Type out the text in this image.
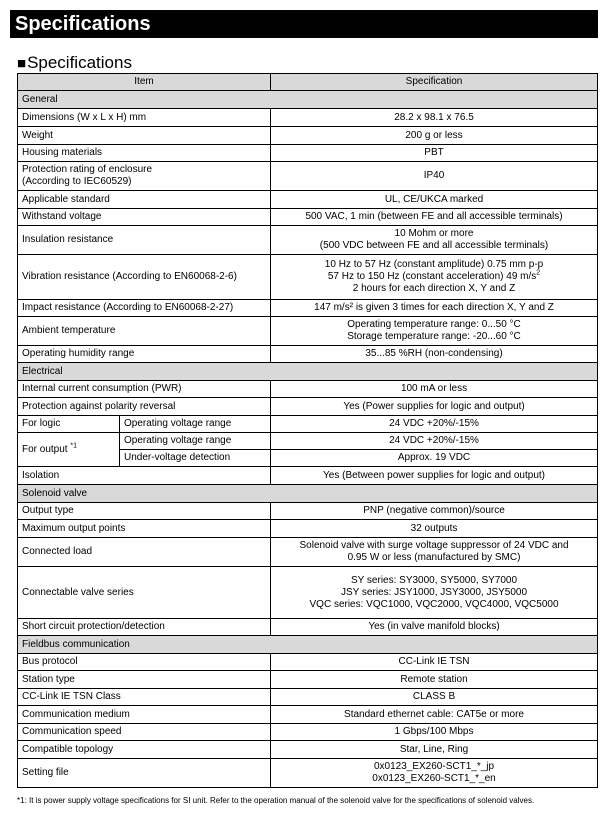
Specifications
■Specifications
Item		Specification
General		
Dimensions (W x L x H) mm		28.2 x 98.1 x 76.5
Weight		200 g or less
Housing materials		PBT
Protection rating of enclosure
(According to IEC60529)		IP40
Applicable standard		UL, CE/UKCA marked
Withstand voltage		500 VAC, 1 min (between FE and all accessible terminals)
Insulation resistance		10 Mohm or more
(500 VDC between FE and all accessible terminals)
Vibration resistance (According to EN60068-2-6)		10 Hz to 57 Hz (constant amplitude) 0.75 mm p-p
57 Hz to 150 Hz (constant acceleration) 49 $m/s^2$
2 hours for each direction X, Y and Z
Impact resistance (According to EN60068-2-27)		147 m/s² is given 3 times for each direction X, Y and Z
Ambient temperature		Operating temperature range: 0...50 °C
Storage temperature range: -20...60 °C
Operating humidity range		35...85 %RH (non-condensing)
Electrical		
Internal current consumption (PWR)		100 mA or less
Protection against polarity reversal		Yes (Power supplies for logic and output)
For logic	Operating voltage range	24 VDC +20%/-15%
For output $^{*1}$	Operating voltage range	24 VDC +20%/-15%
	Under-voltage detection	Approx. 19 VDC
Isolation		Yes (Between power supplies for logic and output)
Solenoid valve		
Output type		PNP (negative common)/source
Maximum output points		32 outputs
Connected load		Solenoid valve with surge voltage suppressor of 24 VDC and
0.95 W or less (manufactured by SMC)
Connectable valve series		SY series: SY3000, SY5000, SY7000
JSY series: JSY1000, JSY3000, JSY5000
VQC series: VQC1000, VQC2000, VQC4000, VQC5000
Short circuit protection/detection		Yes (in valve manifold blocks)
Fieldbus communication		
Bus protocol		CC-Link IE TSN
Station type		Remote station
CC-Link IE TSN Class		CLASS B
Communication medium		Standard ethernet cable: CAT5e or more
Communication speed		1 Gbps/100 Mbps
Compatible topology		Star, Line, Ring
Setting file		0x0123_EX260-SCT1_*_jp
0x0123_EX260-SCT1_*_en
*1: It is power supply voltage specifications for SI unit. Refer to the operation manual of the solenoid valve for the specifications of solenoid valves.
